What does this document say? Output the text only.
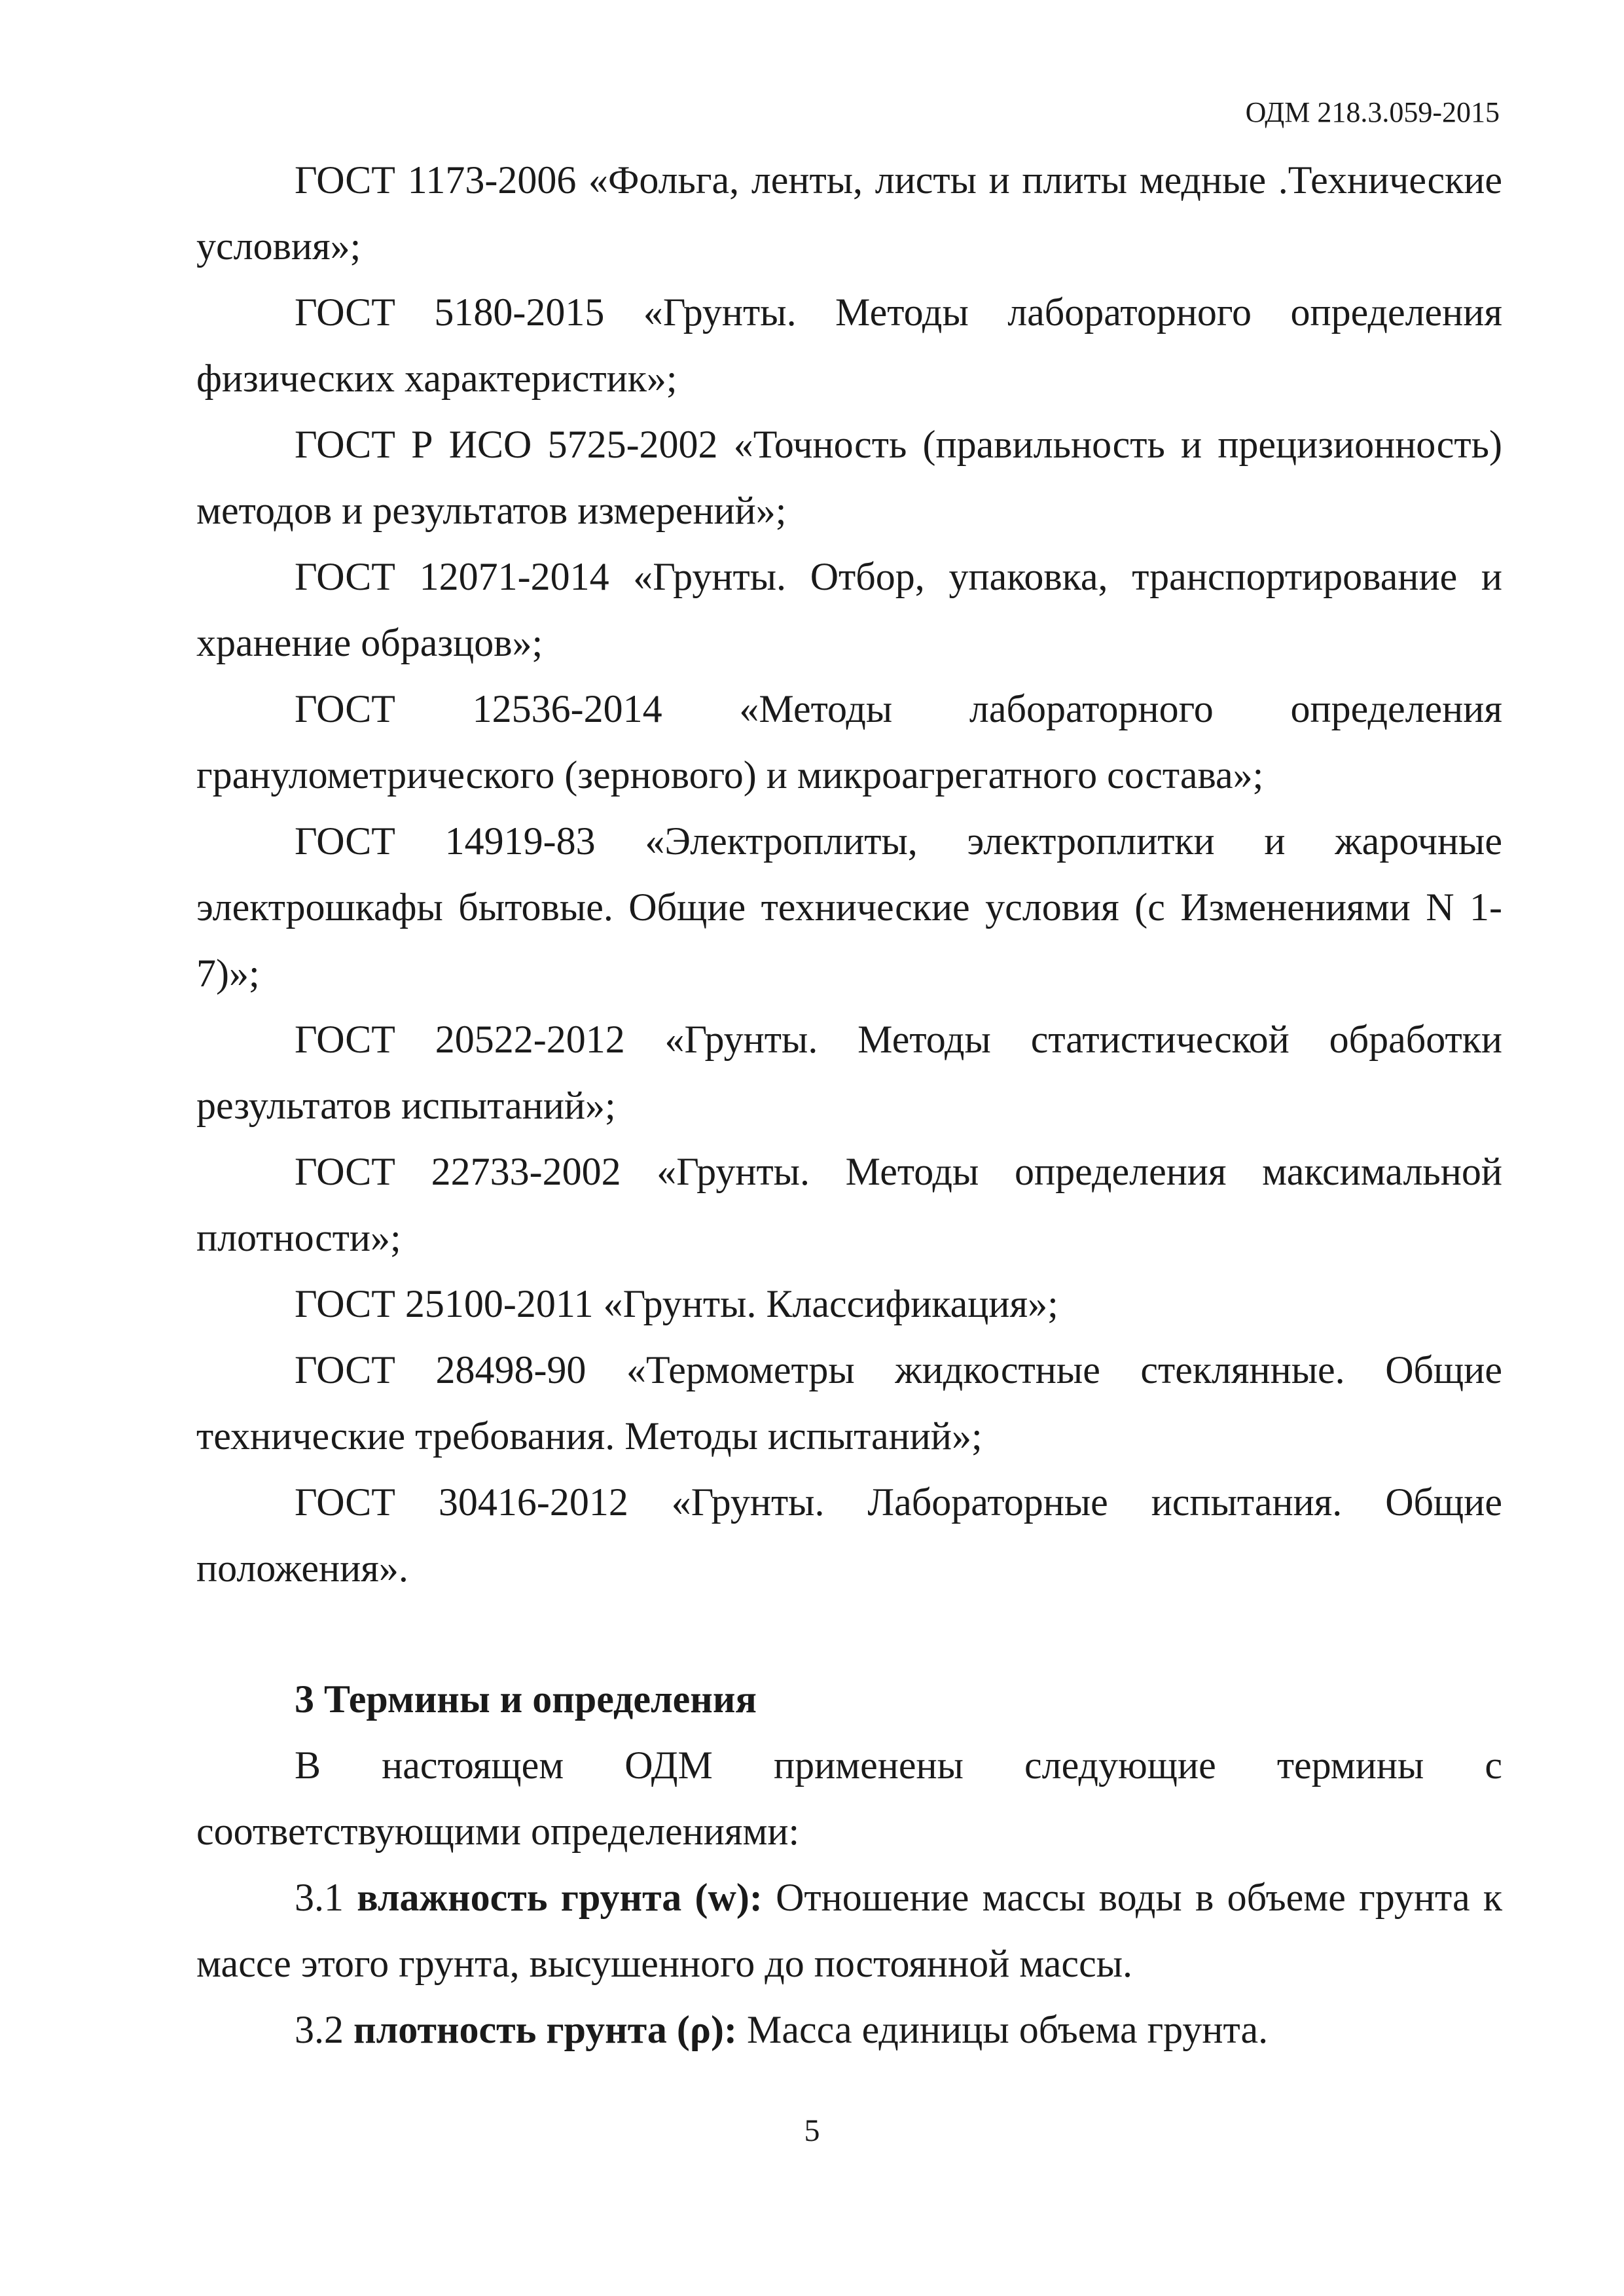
ОДМ 218.3.059-2015

ГОСТ 1173-2006 «Фольга, ленты, листы и плиты медные .Технические условия»;

ГОСТ 5180-2015 «Грунты. Методы лабораторного определения физических характеристик»;

ГОСТ Р ИСО 5725-2002 «Точность (правильность и прецизионность) методов и результатов измерений»;

ГОСТ 12071-2014 «Грунты. Отбор, упаковка, транспортирование и хранение образцов»;

ГОСТ 12536-2014 «Методы лабораторного определения гранулометрического (зернового) и микроагрегатного состава»;

ГОСТ 14919-83 «Электроплиты, электроплитки и жарочные электрошкафы бытовые. Общие технические условия (с Изменениями N 1-7)»;

ГОСТ 20522-2012 «Грунты. Методы статистической обработки результатов испытаний»;

ГОСТ 22733-2002 «Грунты. Методы определения максимальной плотности»;

ГОСТ 25100-2011 «Грунты. Классификация»;

ГОСТ 28498-90 «Термометры жидкостные стеклянные. Общие технические требования. Методы испытаний»;

ГОСТ 30416-2012 «Грунты. Лабораторные испытания. Общие положения».

3 Термины и определения

В настоящем ОДМ применены следующие термины с соответствующими определениями:

3.1 влажность грунта (w): Отношение массы воды в объеме грунта к массе этого грунта, высушенного до постоянной массы.

3.2 плотность грунта (ρ): Масса единицы объема грунта.

5
